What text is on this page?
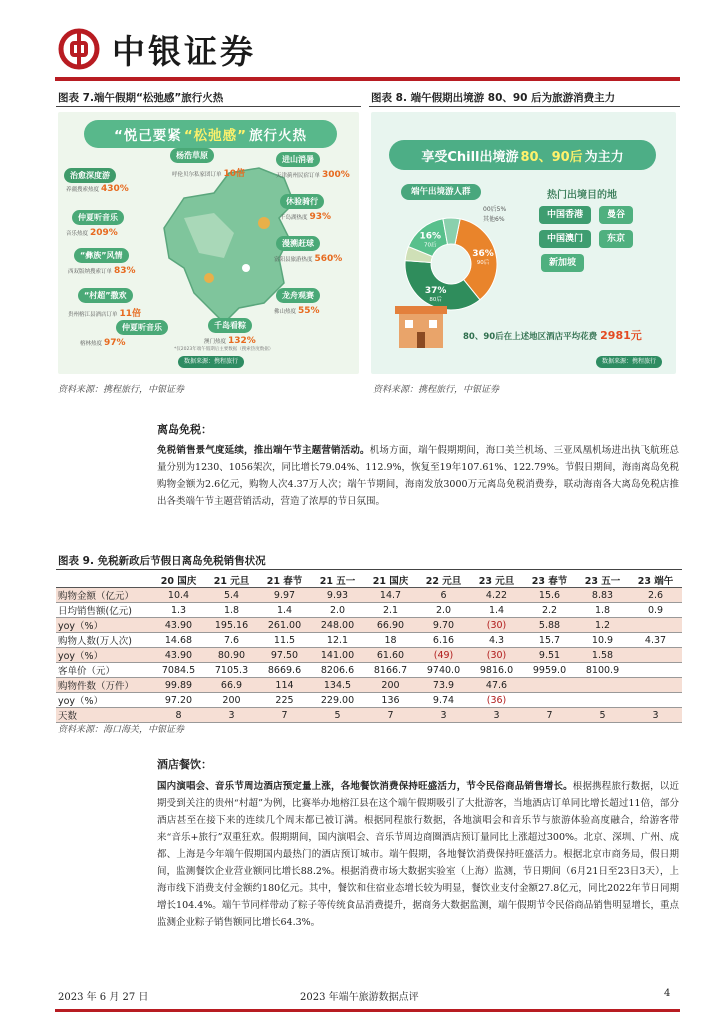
中银证券
图表 7.端午假期“松弛感”旅行火热
“悦己要紧 “松弛感” 旅行火热
治愈深度游
养疆搜索热度 430%
仲夏听音乐
音乐热度 209%
“彝族”风情
西双版纳搜索订单 83%
“村超”撒欢
贵州榕江县酒店订单 11倍
仲夏听音乐
榕林热度 97%
杨浩草原
呼伦贝尔私家团订单 10倍
进山消暑
天津蓟州民宿订单 300%
休验骑行
千岛湖热度 93%
漫溯赶球
富阳县旅游热度 560%
龙舟观赛
佛山热度 55%
千岛看粽
澳门热度 132%
*仅2023年端午假期后主要数据（搜索热度数据）
数据来源：携程旅行
资料来源：携程旅行，中银证券
图表 8. 端午假期出境游 80、90 后为旅游消费主力
享受Chill出境游 80、90后 为主力
端午出境游人群	热门出境目的地
36%
90后
37%
80后
16%
70后
00后5%
其他6%	中国香港	曼谷
中国澳门	东京
新加坡
80、90后在上述地区酒店平均花费 2981元
数据来源：携程旅行
资料来源：携程旅行，中银证券
离岛免税：
免税销售景气度延续，推出端午节主题营销活动。机场方面，端午假期期间，海口美兰机场、三亚凤凰机场进出执飞航班总量分别为1230、1056架次，同比增长79.04%、112.9%，恢复至19年107.61%、122.79%。节假日期间，海南离岛免税购物金额为2.6亿元，购物人次4.37万人次；端午节期间，海南发放3000万元离岛免税消费券，联动海南各大离岛免税店推出各类端午节主题营销活动，营造了浓厚的节日氛围。
图表 9. 免税新政后节假日离岛免税销售状况
	20 国庆	21 元旦	21 春节	21 五一	21 国庆	22 元旦	23 元旦	23 春节	23 五一	23 端午
购物金额（亿元）	10.4	5.4	9.97	9.93	14.7	6	4.22	15.6	8.83	2.6
日均销售额(亿元)	1.3	1.8	1.4	2.0	2.1	2.0	1.4	2.2	1.8	0.9
yoy（%）	43.90	195.16	261.00	248.00	66.90	9.70	(30)	5.88	1.2	
购物人数(万人次)	14.68	7.6	11.5	12.1	18	6.16	4.3	15.7	10.9	4.37
yoy（%）	43.90	80.90	97.50	141.00	61.60	(49)	(30)	9.51	1.58	
客单价（元）	7084.5	7105.3	8669.6	8206.6	8166.7	9740.0	9816.0	9959.0	8100.9	
购物件数（万件）	99.89	66.9	114	134.5	200	73.9	47.6			
yoy（%）	97.20	200	225	229.00	136	9.74	(36)			
天数	8	3	7	5	7	3	3	7	5	3
资料来源：海口海关，中银证券
酒店餐饮：
国内演唱会、音乐节周边酒店预定量上涨，各地餐饮消费保持旺盛活力，节令民俗商品销售增长。根据携程旅行数据，以近期受到关注的贵州“村超”为例，比赛举办地榕江县在这个端午假期吸引了大批游客，当地酒店订单同比增长超过11倍，部分酒店甚至在接下来的连续几个周末都已被订满。根据同程旅行数据，各地演唱会和音乐节与旅游体验高度融合，给游客带来“音乐+旅行”双重狂欢。假期期间，国内演唱会、音乐节周边商圈酒店预订量同比上涨超过300%。北京、深圳、广州、成都、上海是今年端午假期国内最热门的酒店预订城市。端午假期，各地餐饮消费保持旺盛活力。根据北京市商务局，假日期间，监测餐饮企业营业额同比增长88.2%。根据消费市场大数据实验室（上海）监测，节日期间（6月21日至23日3天），上海市线下消费支付金额约180亿元。其中，餐饮和住宿业态增长较为明显，餐饮业支付金额27.8亿元，同比2022年节日同期增长104.4%。端午节同样带动了粽子等传统食品消费提升，据商务大数据监测，端午假期节令民俗商品销售明显增长，重点监测企业粽子销售额同比增长64.3%。
2023 年 6 月 27 日	2023 年端午旅游数据点评	4
